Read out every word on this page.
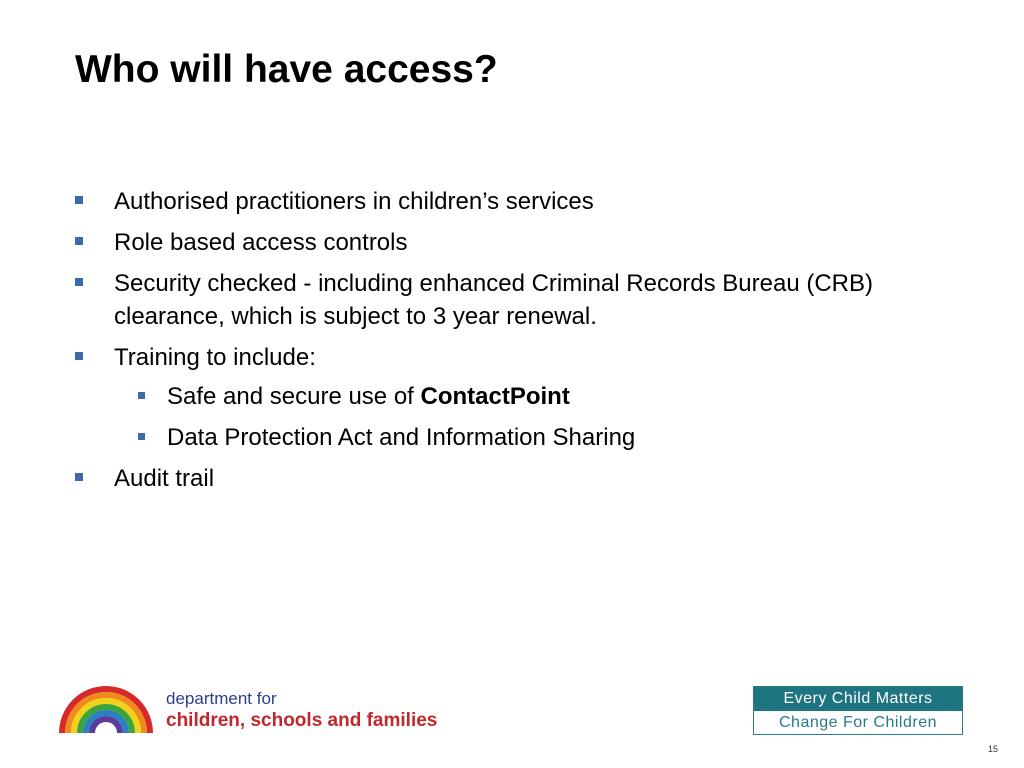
Who will have access?
Authorised practitioners in children’s services
Role based access controls
Security checked - including enhanced Criminal Records Bureau (CRB) clearance, which is subject to 3 year renewal.
Training to include:
Safe and secure use of ContactPoint
Data Protection Act and Information Sharing
Audit trail
department for
children, schools and families
Every Child Matters
Change For Children
15
